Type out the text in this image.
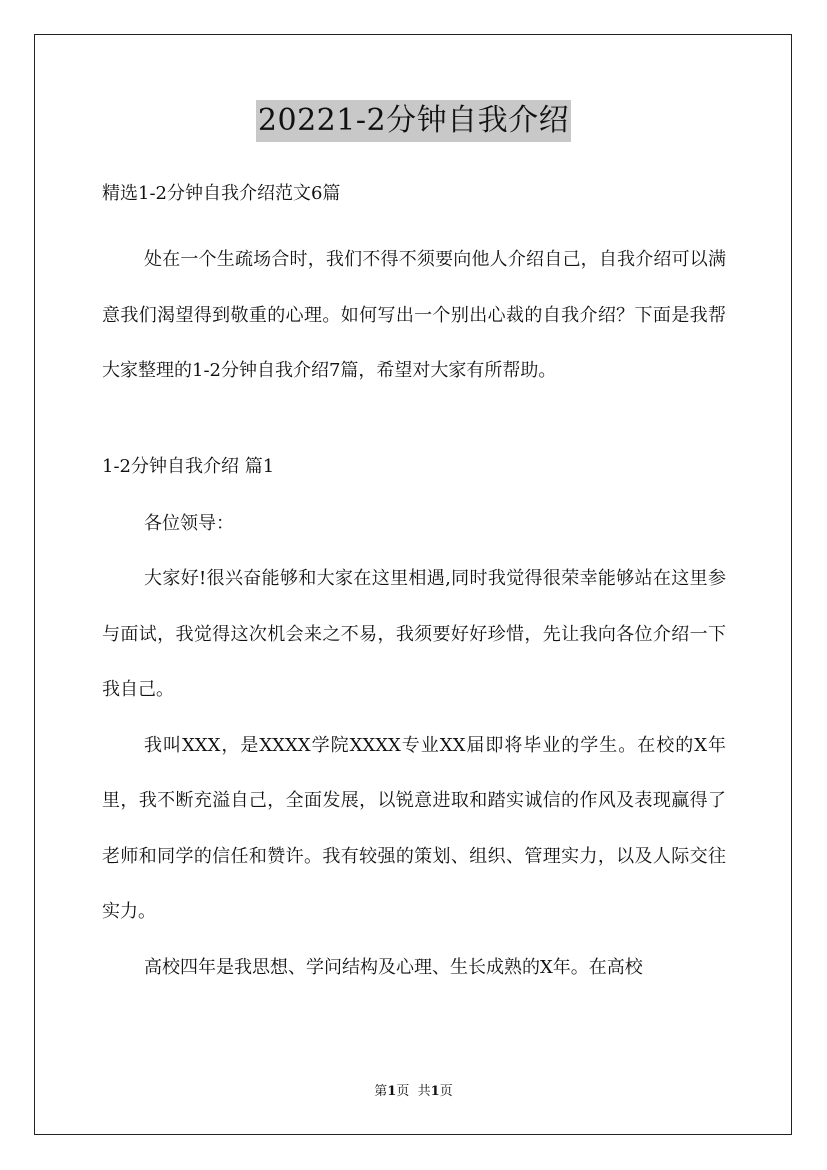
20221-2分钟自我介绍

精选1-2分钟自我介绍范文6篇

处在一个生疏场合时，我们不得不须要向他人介绍自己，自我介绍可以满意我们渴望得到敬重的心理。如何写出一个别出心裁的自我介绍？下面是我帮大家整理的1-2分钟自我介绍7篇，希望对大家有所帮助。

1-2分钟自我介绍 篇1

各位领导：

大家好!很兴奋能够和大家在这里相遇,同时我觉得很荣幸能够站在这里参与面试，我觉得这次机会来之不易，我须要好好珍惜，先让我向各位介绍一下我自己。

我叫XXX，是XXXX学院XXXX专业XX届即将毕业的学生。在校的X年里，我不断充溢自己，全面发展，以锐意进取和踏实诚信的作风及表现赢得了老师和同学的信任和赞许。我有较强的策划、组织、管理实力，以及人际交往实力。

高校四年是我思想、学问结构及心理、生长成熟的X年。在高校

第1页 共1页
